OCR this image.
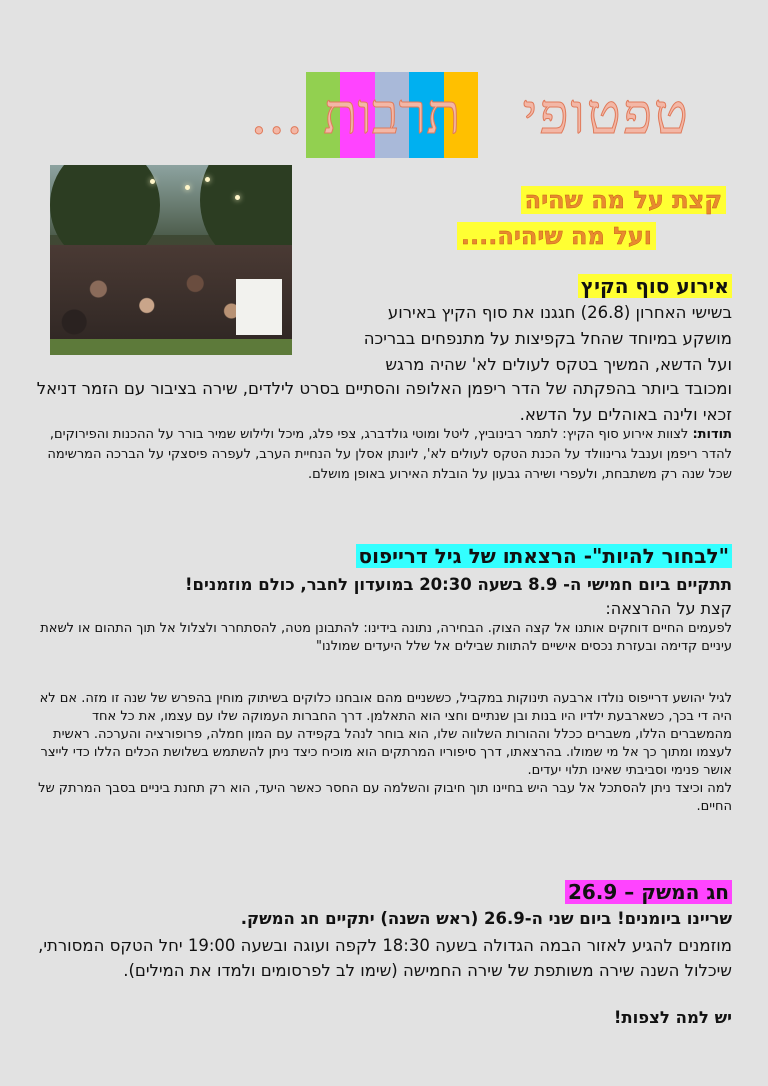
טפטופי
תרבות
...
קצת על מה שהיה
ועל מה שיהיה....
אירוע סוף הקיץ

בשישי האחרון (26.8) חגגנו את סוף הקיץ באירוע

מושקע במיוחד שהחל בקפיצות על מתנפחים בבריכה

ועל הדשא, המשיך בטקס לעולים לא' שהיה מרגש

ומכובד ביותר בהפקתה של הדר ריפמן האלופה והסתיים בסרט לילדים, שירה בציבור עם הזמר דניאל זכאי ולינה באוהלים על הדשא.
תודות: לצוות אירוע סוף הקיץ: לתמר רבינוביץ, ליטל ומוטי גולדברג, צפי פלג, מיכל ולילוש שמיר בורר על ההכנות והפירוקים, להדר ריפמן וענבל גרינוולד על הכנת הטקס לעולים לא', ליונתן אסלן על הנחיית הערב, לעפרה פיסצקי על הברכה המרשימה שכל שנה רק משתבחת, ולעפרי ושירה גבעון על הובלת האירוע באופן מושלם.
"לבחור להיות"- הרצאתו של גיל דרייפוס
תתקיים ביום חמישי ה- 8.9 בשעה 20:30 במועדון לחבר, כולם מוזמנים!
קצת על ההרצאה:
לפעמים החיים דוחקים אותנו אל קצה הצוק. הבחירה, נתונה בידינו: להתבונן מטה, להסתחרר ולצלול אל תוך התהום או לשאת עיניים קדימה ובעזרת נכסים אישיים להתוות שבילים אל שלל היעדים שמולנו"

לגיל יהושע דרייפוס נולדו ארבעה תינוקות במקביל, כששניים מהם אובחנו כלוקים בשיתוק מוחין בהפרש של שנה זו מזה. אם לא היה די בכך, כשארבעת ילדיו היו בנות ובן שנתיים וחצי הוא התאלמן. דרך החברות העמוקה שלו עם עצמו, את כל אחד מהמשברים הללו, משברים ככלל וההורות השלווה שלו, הוא בוחר לנהל בקפידה עם המון חמלה, פרופורציה והערכה. ראשית לעצמו ומתוך כך אל מי שמולו. בהרצאתו, דרך סיפוריו המרתקים הוא מוכיח כיצד ניתן להשתמש בשלושת הכלים הללו כדי לייצר אושר פנימי וסביבתי שאינו תלוי יעדים.

למה וכיצד ניתן להסתכל אל עבר היש בחיינו תוך חיבוק והשלמה עם החסר כאשר היעד, הוא רק תחנת ביניים בסבך המרתק של החיים.

חג המשק – 26.9
שריינו ביומנים! ביום שני ה-26.9 (ראש השנה) יתקיים חג המשק.
מוזמנים להגיע לאזור הבמה הגדולה בשעה 18:30 לקפה ועוגה ובשעה 19:00 יחל הטקס המסורתי, שיכלול השנה שירה משותפת של שירה החמישה (שימו לב לפרסומים ולמדו את המילים).
יש למה לצפות!
